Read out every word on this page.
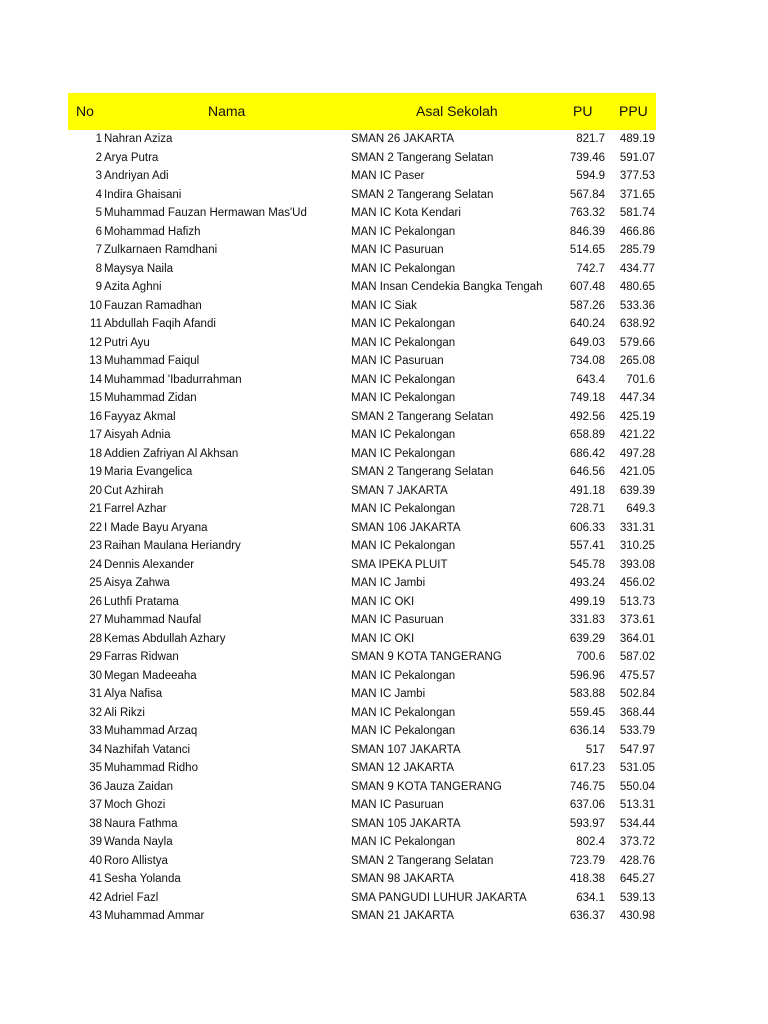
No	Nama	Asal Sekolah	PU PPU
1 Nahran Aziza	SMAN 26 JAKARTA	821.7	489.19
2 Arya Putra	SMAN 2 Tangerang Selatan	739.46	591.07
3 Andriyan Adi	MAN IC Paser	594.9	377.53
4 Indira Ghaisani	SMAN 2 Tangerang Selatan	567.84	371.65
5 Muhammad Fauzan Hermawan Mas'Ud	MAN IC Kota Kendari	763.32	581.74
6 Mohammad Hafizh	MAN IC Pekalongan	846.39	466.86
7 Zulkarnaen Ramdhani	MAN IC Pasuruan	514.65	285.79
8 Maysya Naila	MAN IC Pekalongan	742.7	434.77
9 Azita Aghni	MAN Insan Cendekia Bangka Tengah	607.48	480.65
10 Fauzan Ramadhan	MAN IC Siak	587.26	533.36
11 Abdullah Faqih Afandi	MAN IC Pekalongan	640.24	638.92
12 Putri Ayu	MAN IC Pekalongan	649.03	579.66
13 Muhammad Faiqul	MAN IC Pasuruan	734.08	265.08
14 Muhammad 'Ibadurrahman	MAN IC Pekalongan	643.4	701.6
15 Muhammad Zidan	MAN IC Pekalongan	749.18	447.34
16 Fayyaz Akmal	SMAN 2 Tangerang Selatan	492.56	425.19
17 Aisyah Adnia	MAN IC Pekalongan	658.89	421.22
18 Addien Zafriyan Al Akhsan	MAN IC Pekalongan	686.42	497.28
19 Maria Evangelica	SMAN 2 Tangerang Selatan	646.56	421.05
20 Cut Azhirah	SMAN 7 JAKARTA	491.18	639.39
21 Farrel Azhar	MAN IC Pekalongan	728.71	649.3
22 I Made Bayu Aryana	SMAN 106 JAKARTA	606.33	331.31
23 Raihan Maulana Heriandry	MAN IC Pekalongan	557.41	310.25
24 Dennis Alexander	SMA IPEKA PLUIT	545.78	393.08
25 Aisya Zahwa	MAN IC Jambi	493.24	456.02
26 Luthfi Pratama	MAN IC OKI	499.19	513.73
27 Muhammad Naufal	MAN IC Pasuruan	331.83	373.61
28 Kemas Abdullah Azhary	MAN IC OKI	639.29	364.01
29 Farras Ridwan	SMAN 9 KOTA TANGERANG	700.6	587.02
30 Megan Madeeaha	MAN IC Pekalongan	596.96	475.57
31 Alya Nafisa	MAN IC Jambi	583.88	502.84
32 Ali Rikzi	MAN IC Pekalongan	559.45	368.44
33 Muhammad Arzaq	MAN IC Pekalongan	636.14	533.79
34 Nazhifah Vatanci	SMAN 107 JAKARTA	517	547.97
35 Muhammad Ridho	SMAN 12 JAKARTA	617.23	531.05
36 Jauza Zaidan	SMAN 9 KOTA TANGERANG	746.75	550.04
37 Moch Ghozi	MAN IC Pasuruan	637.06	513.31
38 Naura Fathma	SMAN 105 JAKARTA	593.97	534.44
39 Wanda Nayla	MAN IC Pekalongan	802.4	373.72
40 Roro Allistya	SMAN 2 Tangerang Selatan	723.79	428.76
41 Sesha Yolanda	SMAN 98 JAKARTA	418.38	645.27
42 Adriel Fazl	SMA PANGUDI LUHUR JAKARTA	634.1	539.13
43 Muhammad Ammar	SMAN 21 JAKARTA	636.37	430.98
